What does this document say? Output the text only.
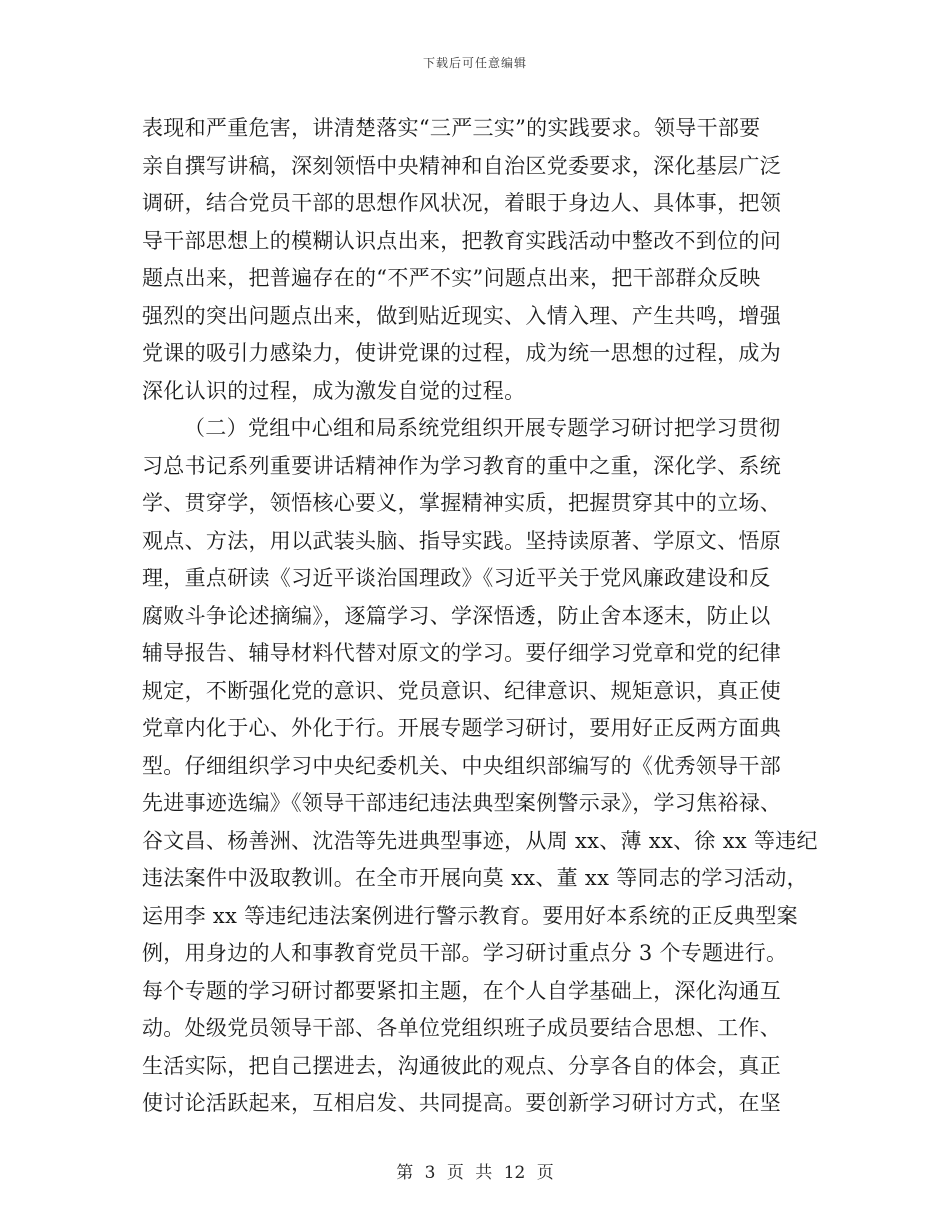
下载后可任意编辑
表现和严重危害，讲清楚落实“三严三实”的实践要求。领导干部要
亲自撰写讲稿，深刻领悟中央精神和自治区党委要求，深化基层广泛
调研，结合党员干部的思想作风状况，着眼于身边人、具体事，把领
导干部思想上的模糊认识点出来，把教育实践活动中整改不到位的问
题点出来，把普遍存在的“不严不实”问题点出来，把干部群众反映
强烈的突出问题点出来，做到贴近现实、入情入理、产生共鸣，增强
党课的吸引力感染力，使讲党课的过程，成为统一思想的过程，成为
深化认识的过程，成为激发自觉的过程。
（二）党组中心组和局系统党组织开展专题学习研讨把学习贯彻
习总书记系列重要讲话精神作为学习教育的重中之重，深化学、系统
学、贯穿学，领悟核心要义，掌握精神实质，把握贯穿其中的立场、
观点、方法，用以武装头脑、指导实践。坚持读原著、学原文、悟原
理，重点研读《习近平谈治国理政》《习近平关于党风廉政建设和反
腐败斗争论述摘编》，逐篇学习、学深悟透，防止舍本逐末，防止以
辅导报告、辅导材料代替对原文的学习。要仔细学习党章和党的纪律
规定，不断强化党的意识、党员意识、纪律意识、规矩意识，真正使
党章内化于心、外化于行。开展专题学习研讨，要用好正反两方面典
型。仔细组织学习中央纪委机关、中央组织部编写的《优秀领导干部
先进事迹选编》《领导干部违纪违法典型案例警示录》，学习焦裕禄、
谷文昌、杨善洲、沈浩等先进典型事迹，从周 xx、薄 xx、徐 xx 等违纪
违法案件中汲取教训。在全市开展向莫 xx、董 xx 等同志的学习活动，
运用李 xx 等违纪违法案例进行警示教育。要用好本系统的正反典型案
例，用身边的人和事教育党员干部。学习研讨重点分 3 个专题进行。
每个专题的学习研讨都要紧扣主题，在个人自学基础上，深化沟通互
动。处级党员领导干部、各单位党组织班子成员要结合思想、工作、
生活实际，把自己摆进去，沟通彼此的观点、分享各自的体会，真正
使讨论活跃起来，互相启发、共同提高。要创新学习研讨方式，在坚
第 3 页 共 12 页
